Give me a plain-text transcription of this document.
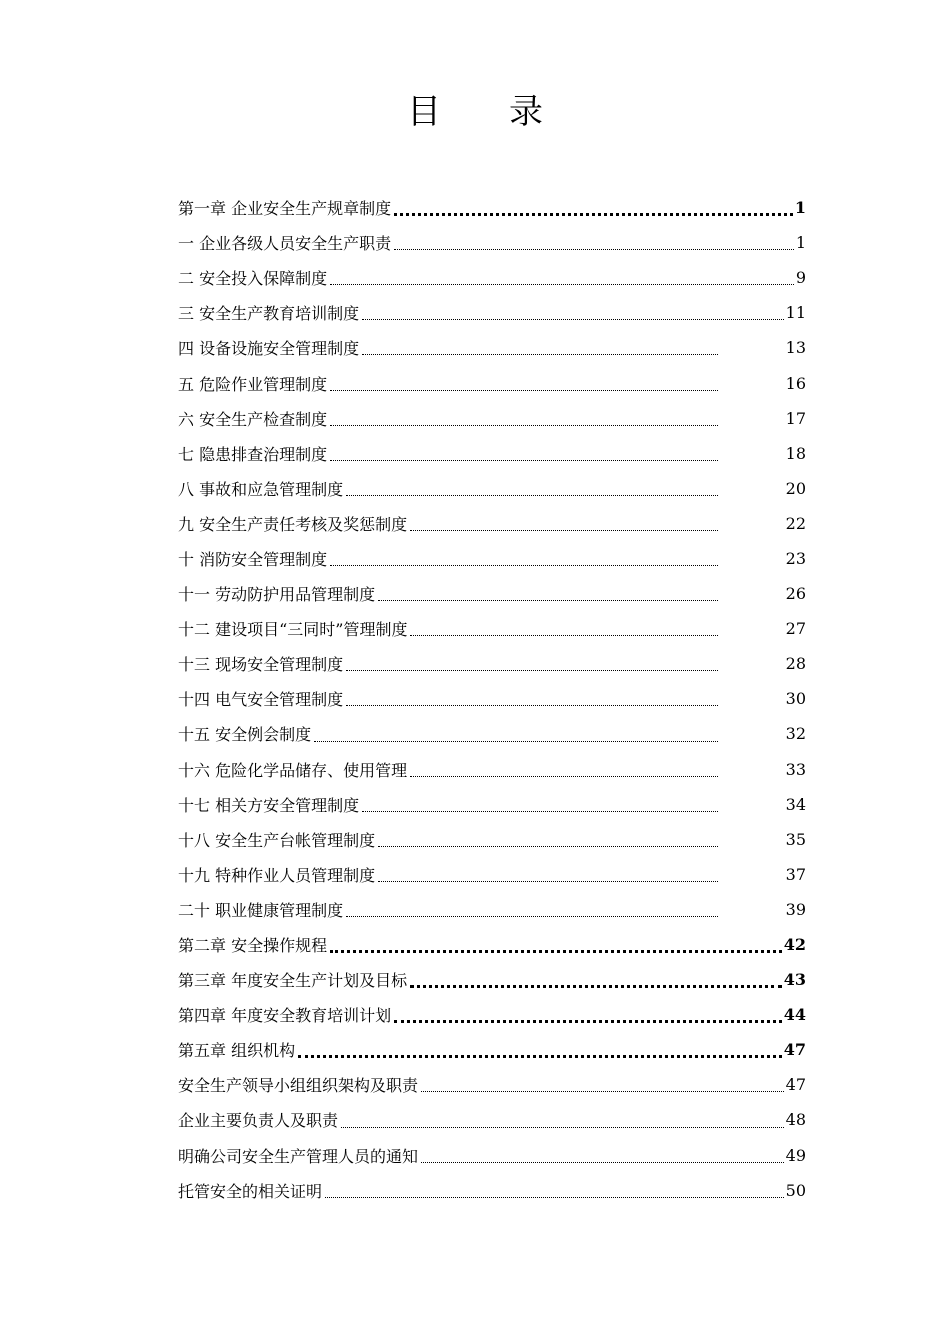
目 录
第一章 企业安全生产规章制度	1
一 企业各级人员安全生产职责	1
二 安全投入保障制度	9
三 安全生产教育培训制度	11
四 设备设施安全管理制度	13
五 危险作业管理制度	16
六 安全生产检查制度	17
七 隐患排查治理制度	18
八 事故和应急管理制度	20
九 安全生产责任考核及奖惩制度	22
十 消防安全管理制度	23
十一 劳动防护用品管理制度	26
十二 建设项目“三同时”管理制度	27
十三 现场安全管理制度	28
十四 电气安全管理制度	30
十五 安全例会制度	32
十六 危险化学品储存、使用管理	33
十七 相关方安全管理制度	34
十八 安全生产台帐管理制度	35
十九 特种作业人员管理制度	37
二十 职业健康管理制度	39
第二章 安全操作规程	42
第三章 年度安全生产计划及目标	43
第四章 年度安全教育培训计划	44
第五章 组织机构	47
安全生产领导小组组织架构及职责	47
企业主要负责人及职责	48
明确公司安全生产管理人员的通知	49
托管安全的相关证明	50
